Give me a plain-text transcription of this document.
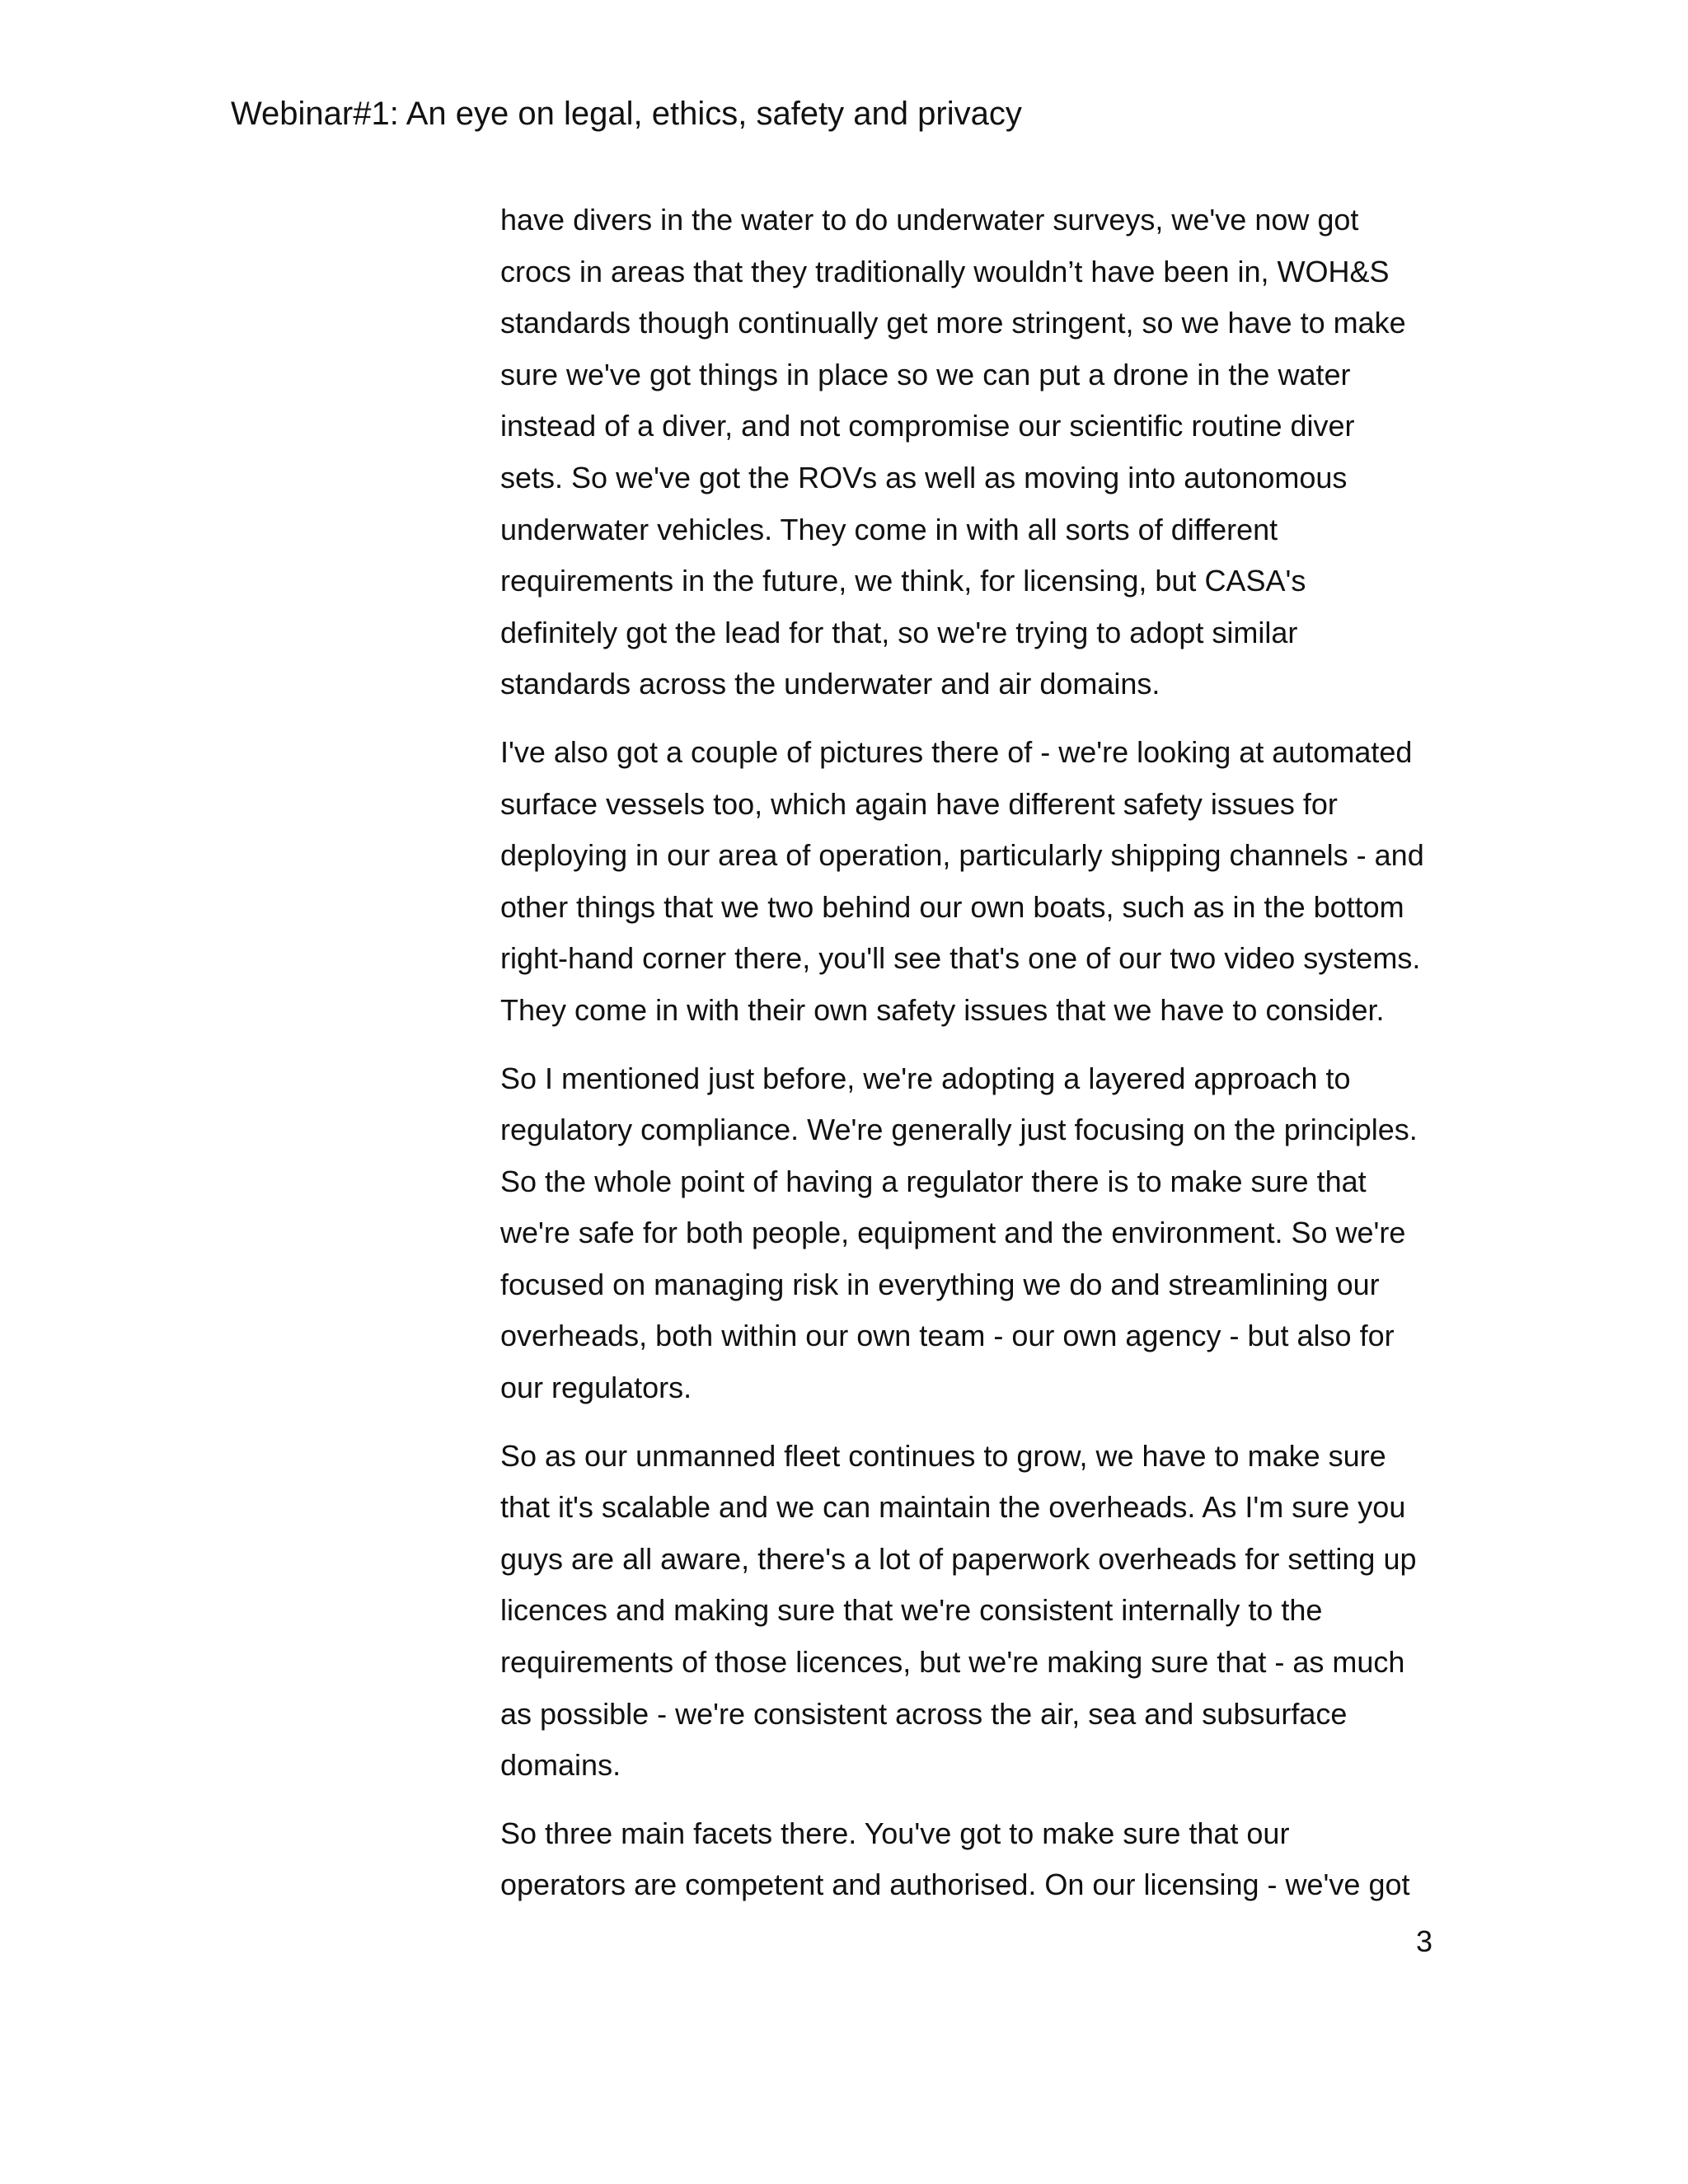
Webinar#1: An eye on legal, ethics, safety and privacy

have divers in the water to do underwater surveys, we've now got
crocs in areas that they traditionally wouldn’t have been in, WOH&S
standards though continually get more stringent, so we have to make
sure we've got things in place so we can put a drone in the water
instead of a diver, and not compromise our scientific routine diver
sets. So we've got the ROVs as well as moving into autonomous
underwater vehicles. They come in with all sorts of different
requirements in the future, we think, for licensing, but CASA's
definitely got the lead for that, so we're trying to adopt similar
standards across the underwater and air domains.

I've also got a couple of pictures there of - we're looking at automated
surface vessels too, which again have different safety issues for
deploying in our area of operation, particularly shipping channels - and
other things that we two behind our own boats, such as in the bottom
right-hand corner there, you'll see that's one of our two video systems.
They come in with their own safety issues that we have to consider.

So I mentioned just before, we're adopting a layered approach to
regulatory compliance. We're generally just focusing on the principles.
So the whole point of having a regulator there is to make sure that
we're safe for both people, equipment and the environment. So we're
focused on managing risk in everything we do and streamlining our
overheads, both within our own team - our own agency - but also for
our regulators.

So as our unmanned fleet continues to grow, we have to make sure
that it's scalable and we can maintain the overheads. As I'm sure you
guys are all aware, there's a lot of paperwork overheads for setting up
licences and making sure that we're consistent internally to the
requirements of those licences, but we're making sure that - as much
as possible - we're consistent across the air, sea and subsurface
domains.

So three main facets there. You've got to make sure that our
operators are competent and authorised. On our licensing - we've got

3
